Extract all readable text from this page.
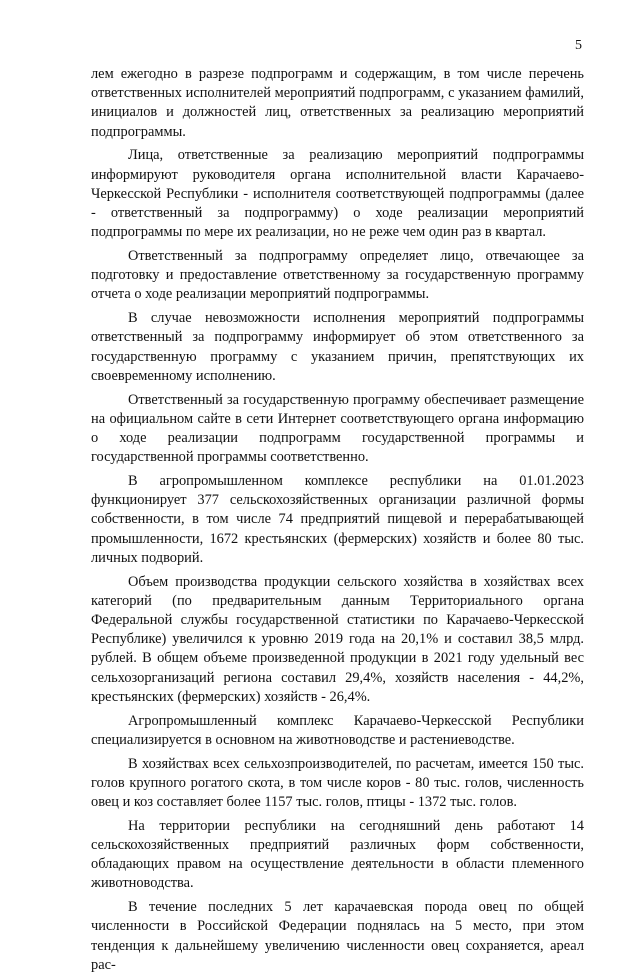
5

лем ежегодно в разрезе подпрограмм и содержащим, в том числе перечень ответственных исполнителей мероприятий подпрограмм, с указанием фамилий, инициалов и должностей лиц, ответственных за реализацию мероприятий подпрограммы.

Лица, ответственные за реализацию мероприятий подпрограммы информируют руководителя органа исполнительной власти Карачаево-Черкесской Республики - исполнителя соответствующей подпрограммы (далее - ответственный за подпрограмму) о ходе реализации мероприятий подпрограммы по мере их реализации, но не реже чем один раз в квартал.

Ответственный за подпрограмму определяет лицо, отвечающее за подготовку и предоставление ответственному за государственную программу отчета о ходе реализации мероприятий подпрограммы.

В случае невозможности исполнения мероприятий подпрограммы ответственный за подпрограмму информирует об этом ответственного за государственную программу с указанием причин, препятствующих их своевременному исполнению.

Ответственный за государственную программу обеспечивает размещение на официальном сайте в сети Интернет соответствующего органа информацию о ходе реализации подпрограмм государственной программы и государственной программы соответственно.

В агропромышленном комплексе республики на 01.01.2023 функционирует 377 сельскохозяйственных организации различной формы собственности, в том числе 74 предприятий пищевой и перерабатывающей промышленности, 1672 крестьянских (фермерских) хозяйств и более 80 тыс. личных подворий.

Объем производства продукции сельского хозяйства в хозяйствах всех категорий (по предварительным данным Территориального органа Федеральной службы государственной статистики по Карачаево-Черкесской Республике) увеличился к уровню 2019 года на 20,1% и составил 38,5 млрд. рублей. В общем объеме произведенной продукции в 2021 году удельный вес сельхозорганизаций региона составил 29,4%, хозяйств населения - 44,2%, крестьянских (фермерских) хозяйств - 26,4%.

Агропромышленный комплекс Карачаево-Черкесской Республики специализируется в основном на животноводстве и растениеводстве.

В хозяйствах всех сельхозпроизводителей, по расчетам, имеется 150 тыс. голов крупного рогатого скота, в том числе коров - 80 тыс. голов, численность овец и коз составляет более 1157 тыс. голов, птицы - 1372 тыс. голов.

На территории республики на сегодняшний день работают 14 сельскохозяйственных предприятий различных форм собственности, обладающих правом на осуществление деятельности в области племенного животноводства.

В течение последних 5 лет карачаевская порода овец по общей численности в Российской Федерации поднялась на 5 место, при этом тенденция к дальнейшему увеличению численности овец сохраняется, ареал рас-
